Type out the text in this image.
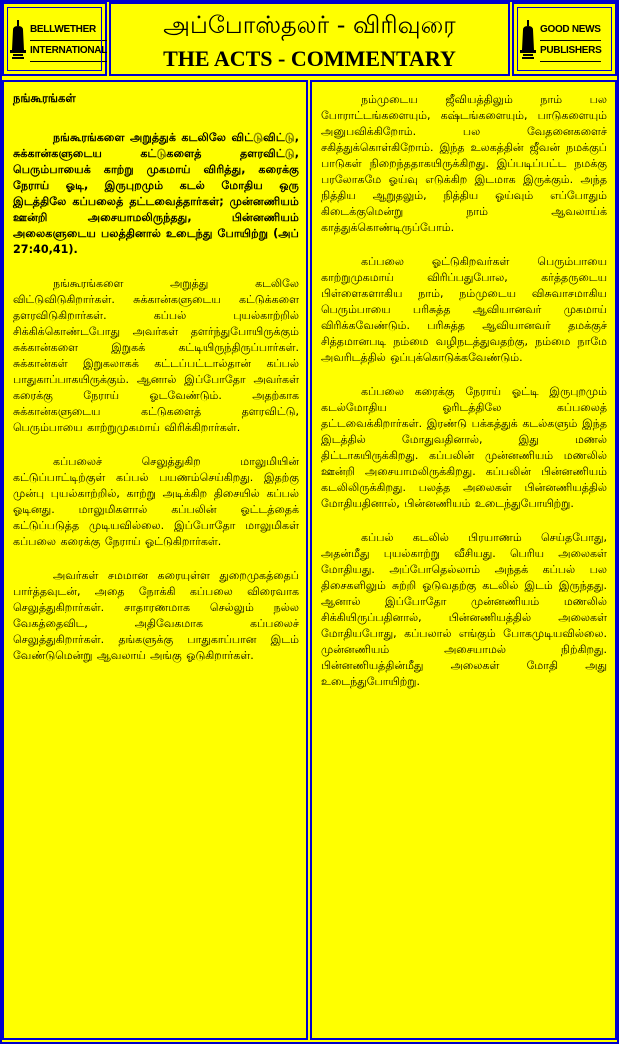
BELLWETHER
INTERNATIONAL
அப்போஸ்தலர் - விரிவுரை
THE ACTS - COMMENTARY
GOOD NEWS
PUBLISHERS
நங்கூரங்கள்

நங்கூரங்களை அறுத்துக் கடலிலே விட்டுவிட்டு, சுக்கான்களுடைய கட்டுகளைத் தளரவிட்டு, பெரும்பாயைக் காற்று முகமாய் விரித்து, கரைக்கு நேராய் ஓடி, இருபுறமும் கடல் மோதிய ஒரு இடத்திலே கப்பலைத் தட்டவைத்தார்கள்; முன்னணியம் ஊன்றி அசையாமலிருந்தது, பின்னணியம் அலைகளுடைய பலத்தினால் உடைந்து போயிற்று (அப் 27:40,41).

நங்கூரங்களை அறுத்து கடலிலே விட்டுவிடுகிறார்கள். சுக்கான்களுடைய கட்டுக்களை தளரவிடுகிறார்கள். கப்பல் புயல்காற்றில் சிக்கிக்கொண்டபோது அவர்கள் தளர்ந்துபோயிருக்கும் சுக்கான்களை இறுகக் கட்டியிருந்திருப்பார்கள். சுக்கான்கள் இறுகலாகக் கட்டப்பட்டால்தான் கப்பல் பாதுகாப்பாகயிருக்கும். ஆனால் இப்போதோ அவர்கள் கரைக்கு நேராய் ஓடவேண்டும். அதற்காக சுக்கான்களுடைய கட்டுகளைத் தளரவிட்டு, பெரும்பாயை காற்றுமுகமாய் விரிக்கிறார்கள்.

கப்பலைச் செலுத்துகிற மாலுமியின் கட்டுப்பாட்டிற்குள் கப்பல் பயணம்செய்கிறது. இதற்கு முன்பு புயல்காற்றில், காற்று அடிக்கிற திசையில் கப்பல் ஓடினது. மாலுமிகளால் கப்பலின் ஓட்டத்தைக் கட்டுப்படுத்த முடியவில்லை. இப்போதோ மாலுமிகள் கப்பலை கரைக்கு நேராய் ஓட்டுகிறார்கள்.

அவர்கள் சமமான கரையுள்ள துறைமுகத்தைப் பார்த்தவுடன், அதை நோக்கி கப்பலை விரைவாக செலுத்துகிறார்கள். சாதாரணமாக செல்லும் நல்ல வேகத்தைவிட, அதிவேகமாக கப்பலைச் செலுத்துகிறார்கள். தங்களுக்கு பாதுகாப்பான இடம் வேண்டுமென்று ஆவலாய் அங்கு ஓடுகிறார்கள்.

நம்முடைய ஜீவியத்திலும் நாம் பல போராட்டங்களையும், கஷ்டங்களையும், பாடுகளையும் அனுபவிக்கிறோம். பல வேதனைகளைச் சகித்துக்கொள்கிறோம். இந்த உலகத்தின் ஜீவன் நமக்குப் பாடுகள் நிறைந்ததாகயிருக்கிறது. இப்படிப்பட்ட நமக்கு பரலோகமே ஓய்வு எடுக்கிற இடமாக இருக்கும். அந்த நித்திய ஆறுதலும், நித்திய ஓய்வும் எப்போதும் கிடைக்குமென்று நாம் ஆவலாய்க் காத்துக்கொண்டிருப்போம்.

கப்பலை ஓட்டுகிறவர்கள் பெரும்பாயை காற்றுமுகமாய் விரிப்பதுபோல, கர்த்தருடைய பிள்ளைகளாகிய நாம், நம்முடைய விசுவாசமாகிய பெரும்பாயை பரிசுத்த ஆவியானவர் முகமாய் விரிக்கவேண்டும். பரிசுத்த ஆவியானவர் தமக்குச் சித்தமானபடி நம்மை வழிநடத்துவதற்கு, நம்மை நாமே அவரிடத்தில் ஒப்புக்கொடுக்கவேண்டும்.

கப்பலை கரைக்கு நேராய் ஓட்டி இருபுறமும் கடல்மோதிய ஓரிடத்திலே கப்பலைத் தட்டவைக்கிறார்கள். இரண்டு பக்கத்துக் கடல்களும் இந்த இடத்தில் மோதுவதினால், இது மணல் திட்டாகயிருக்கிறது. கப்பலின் முன்னணியம் மணலில் ஊன்றி அசையாமலிருக்கிறது. கப்பலின் பின்னணியம் கடலிலிருக்கிறது. பலத்த அலைகள் பின்னணியத்தில் மோதியதினால், பின்னணியம் உடைந்துபோயிற்று.

கப்பல் கடலில் பிரயாணம் செய்தபோது, அதன்மீது புயல்காற்று வீசியது. பெரிய அலைகள் மோதியது. அப்போதெல்லாம் அந்தக் கப்பல் பல திசைகளிலும் சுற்றி ஓடுவதற்கு கடலில் இடம் இருந்தது. ஆனால் இப்போதோ முன்னணியம் மணலில் சிக்கியிருப்பதினால், பின்னணியத்தில் அலைகள் மோதியபோது, கப்பலால் எங்கும் போகமுடியவில்லை. முன்னணியம் அசையாமல் நிற்கிறது. பின்னணியத்தின்மீது அலைகள் மோதி அது உடைந்துபோயிற்று.
